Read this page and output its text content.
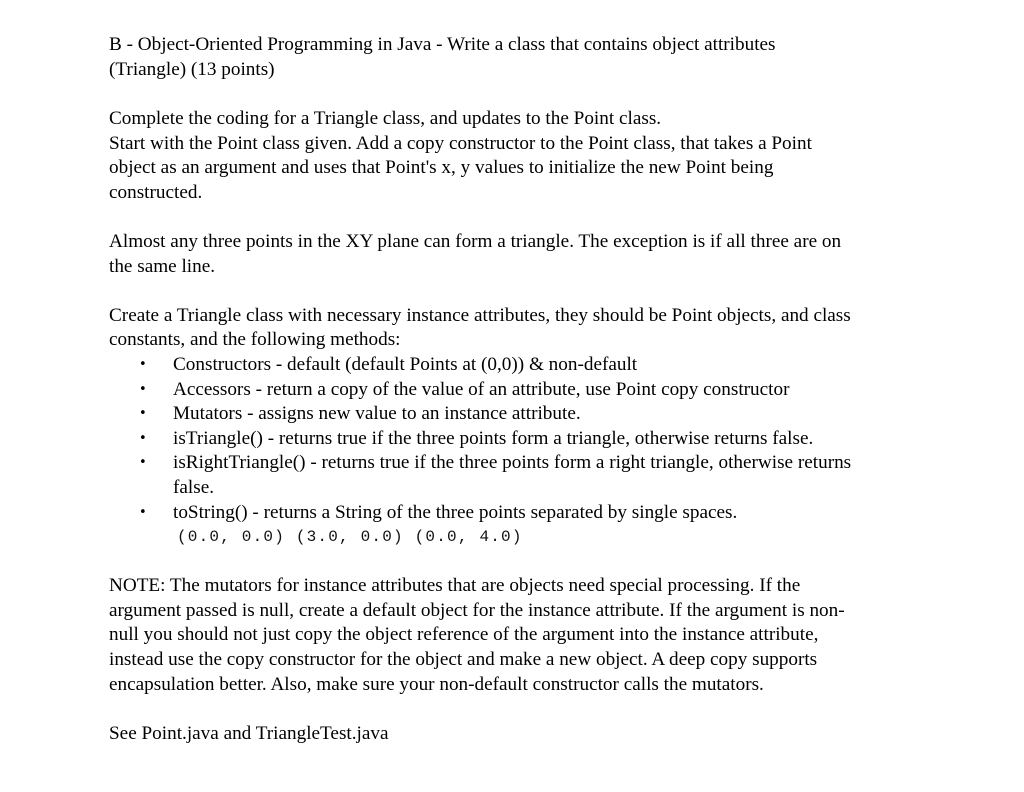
B - Object-Oriented Programming in Java - Write a class that contains object attributes

(Triangle) (13 points)

Complete the coding for a Triangle class, and updates to the Point class.

Start with the Point class given. Add a copy constructor to the Point class, that takes a Point

object as an argument and uses that Point's x, y values to initialize the new Point being

constructed.

Almost any three points in the XY plane can form a triangle. The exception is if all three are on

the same line.

Create a Triangle class with necessary instance attributes, they should be Point objects, and class

constants, and the following methods:

• Constructors - default (default Points at (0,0)) & non-default
• Accessors - return a copy of the value of an attribute, use Point copy constructor
• Mutators - assigns new value to an instance attribute.
• isTriangle() - returns true if the three points form a triangle, otherwise returns false.
• isRightTriangle() - returns true if the three points form a right triangle, otherwise returns
false.
• toString() - returns a String of the three points separated by single spaces.
(0.0, 0.0) (3.0, 0.0) (0.0, 4.0)

NOTE: The mutators for instance attributes that are objects need special processing. If the

argument passed is null, create a default object for the instance attribute. If the argument is non-

null you should not just copy the object reference of the argument into the instance attribute,

instead use the copy constructor for the object and make a new object. A deep copy supports

encapsulation better. Also, make sure your non-default constructor calls the mutators.

See Point.java and TriangleTest.java
